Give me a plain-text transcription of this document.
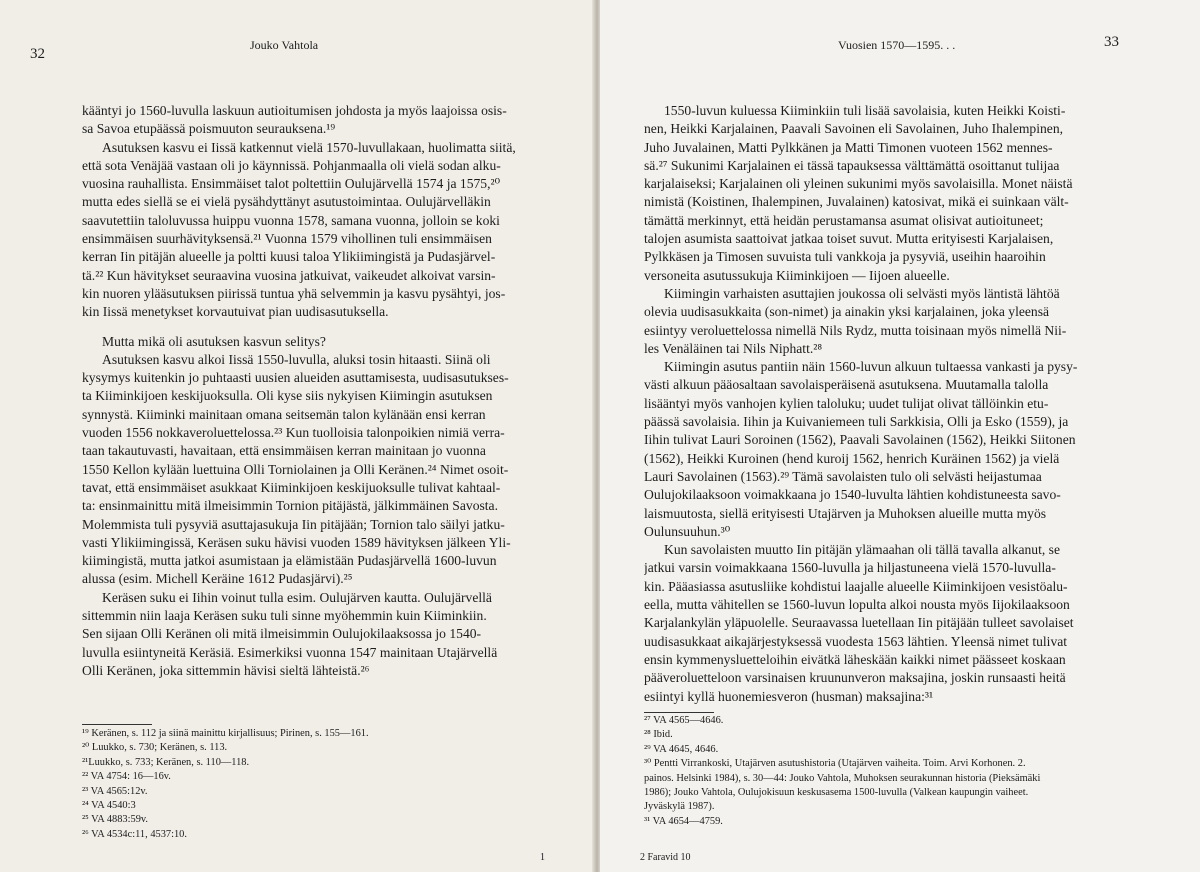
32
Jouko Vahtola
kääntyi jo 1560-luvulla laskuun autioitumisen johdosta ja myös laajoissa osis-
sa Savoa etupäässä poismuuton seurauksena.¹⁹
Asutuksen kasvu ei Iissä katkennut vielä 1570-luvullakaan, huolimatta siitä,
että sota Venäjää vastaan oli jo käynnissä. Pohjanmaalla oli vielä sodan alku-
vuosina rauhallista. Ensimmäiset talot poltettiin Oulujärvellä 1574 ja 1575,²⁰
mutta edes siellä se ei vielä pysähdyttänyt asutustoimintaa. Oulujärvelläkin
saavutettiin taloluvussa huippu vuonna 1578, samana vuonna, jolloin se koki
ensimmäisen suurhävityksensä.²¹ Vuonna 1579 vihollinen tuli ensimmäisen
kerran Iin pitäjän alueelle ja poltti kuusi taloa Ylikiimingistä ja Pudasjärvel-
tä.²² Kun hävitykset seuraavina vuosina jatkuivat, vaikeudet alkoivat varsin-
kin nuoren ylääsutuksen piirissä tuntua yhä selvemmin ja kasvu pysähtyi, jos-
kin Iissä menetykset korvautuivat pian uudisasutuksella.
Mutta mikä oli asutuksen kasvun selitys?
Asutuksen kasvu alkoi Iissä 1550-luvulla, aluksi tosin hitaasti. Siinä oli
kysymys kuitenkin jo puhtaasti uusien alueiden asuttamisesta, uudisasutukses-
ta Kiiminkijoen keskijuoksulla. Oli kyse siis nykyisen Kiimingin asutuksen
synnystä. Kiiminki mainitaan omana seitsemän talon kylänään ensi kerran
vuoden 1556 nokkaveroluettelossa.²³ Kun tuolloisia talonpoikien nimiä verra-
taan takautuvasti, havaitaan, että ensimmäisen kerran mainitaan jo vuonna
1550 Kellon kylään luettuina Olli Torniolainen ja Olli Keränen.²⁴ Nimet osoit-
tavat, että ensimmäiset asukkaat Kiiminkijoen keskijuoksulle tulivat kahtaal-
ta: ensinmainittu mitä ilmeisimmin Tornion pitäjästä, jälkimmäinen Savosta.
Molemmista tuli pysyviä asuttajasukuja Iin pitäjään; Tornion talo säilyi jatku-
vasti Ylikiimingissä, Keräsen suku hävisi vuoden 1589 hävityksen jälkeen Yli-
kiimingistä, mutta jatkoi asumistaan ja elämistään Pudasjärvellä 1600-luvun
alussa (esim. Michell Keräine 1612 Pudasjärvi).²⁵
Keräsen suku ei Iihin voinut tulla esim. Oulujärven kautta. Oulujärvellä
sittemmin niin laaja Keräsen suku tuli sinne myöhemmin kuin Kiiminkiin.
Sen sijaan Olli Keränen oli mitä ilmeisimmin Oulujokilaaksossa jo 1540-
luvulla esiintyneitä Keräsiä. Esimerkiksi vuonna 1547 mainitaan Utajärvellä
Olli Keränen, joka sittemmin hävisi sieltä lähteistä.²⁶
¹⁹ Keränen, s. 112 ja siinä mainittu kirjallisuus; Pirinen, s. 155—161.
²⁰ Luukko, s. 730; Keränen, s. 113.
²¹Luukko, s. 733; Keränen, s. 110—118.
²² VA 4754: 16—16v.
²³ VA 4565:12v.
²⁴ VA 4540:3
²⁵ VA 4883:59v.
²⁶ VA 4534c:11, 4537:10.
1
Vuosien 1570—1595. . .	33
1550-luvun kuluessa Kiiminkiin tuli lisää savolaisia, kuten Heikki Koisti-
nen, Heikki Karjalainen, Paavali Savoinen eli Savolainen, Juho Ihalempinen,
Juho Juvalainen, Matti Pylkkänen ja Matti Timonen vuoteen 1562 mennes-
sä.²⁷ Sukunimi Karjalainen ei tässä tapauksessa välttämättä osoittanut tulijaa
karjalaiseksi; Karjalainen oli yleinen sukunimi myös savolaisilla. Monet näistä
nimistä (Koistinen, Ihalempinen, Juvalainen) katosivat, mikä ei suinkaan vält-
tämättä merkinnyt, että heidän perustamansa asumat olisivat autioituneet;
talojen asumista saattoivat jatkaa toiset suvut. Mutta erityisesti Karjalaisen,
Pylkkäsen ja Timosen suvuista tuli vankkoja ja pysyviä, useihin haaroihin
versoneita asutussukuja Kiiminkijoen — Iijoen alueelle.
Kiimingin varhaisten asuttajien joukossa oli selvästi myös läntistä lähtöä
olevia uudisasukkaita (son-nimet) ja ainakin yksi karjalainen, joka yleensä
esiintyy veroluettelossa nimellä Nils Rydz, mutta toisinaan myös nimellä Nii-
les Venäläinen tai Nils Niphatt.²⁸
Kiimingin asutus pantiin näin 1560-luvun alkuun tultaessa vankasti ja pysy-
västi alkuun pääosaltaan savolaisperäisenä asutuksena. Muutamalla talolla
lisääntyi myös vanhojen kylien taloluku; uudet tulijat olivat tällöinkin etu-
päässä savolaisia. Iihin ja Kuivaniemeen tuli Sarkkisia, Olli ja Esko (1559), ja
Iihin tulivat Lauri Soroinen (1562), Paavali Savolainen (1562), Heikki Siitonen
(1562), Heikki Kuroinen (hend kuroij 1562, henrich Kuräinen 1562) ja vielä
Lauri Savolainen (1563).²⁹ Tämä savolaisten tulo oli selvästi heijastumaa
Oulujokilaaksoon voimakkaana jo 1540-luvulta lähtien kohdistuneesta savo-
laismuutosta, siellä erityisesti Utajärven ja Muhoksen alueille mutta myös
Oulunsuuhun.³⁰
Kun savolaisten muutto Iin pitäjän ylämaahan oli tällä tavalla alkanut, se
jatkui varsin voimakkaana 1560-luvulla ja hiljastuneena vielä 1570-luvulla-
kin. Pääasiassa asutusliike kohdistui laajalle alueelle Kiiminkijoen vesistöalu-
eella, mutta vähitellen se 1560-luvun lopulta alkoi nousta myös Iijokilaaksoon
Karjalankylän yläpuolelle. Seuraavassa luetellaan Iin pitäjään tulleet savolaiset
uudisasukkaat aikajärjestyksessä vuodesta 1563 lähtien. Yleensä nimet tulivat
ensin kymmenysluetteloihin eivätkä läheskään kaikki nimet päässeet koskaan
pääveroluetteloon varsinaisen kruununveron maksajina, joskin runsaasti heitä
esiintyi kyllä huonemiesveron (husman) maksajina:³¹
²⁷ VA 4565—4646.
²⁸ Ibid.
²⁹ VA 4645, 4646.
³⁰ Pentti Virrankoski, Utajärven asutushistoria (Utajärven vaiheita. Toim. Arvi Korhonen. 2.
painos. Helsinki 1984), s. 30—44: Jouko Vahtola, Muhoksen seurakunnan historia (Pieksämäki
1986); Jouko Vahtola, Oulujokisuun keskusasema 1500-luvulla (Valkean kaupungin vaiheet.
Jyväskylä 1987).
³¹ VA 4654—4759.
2 Faravid 10
